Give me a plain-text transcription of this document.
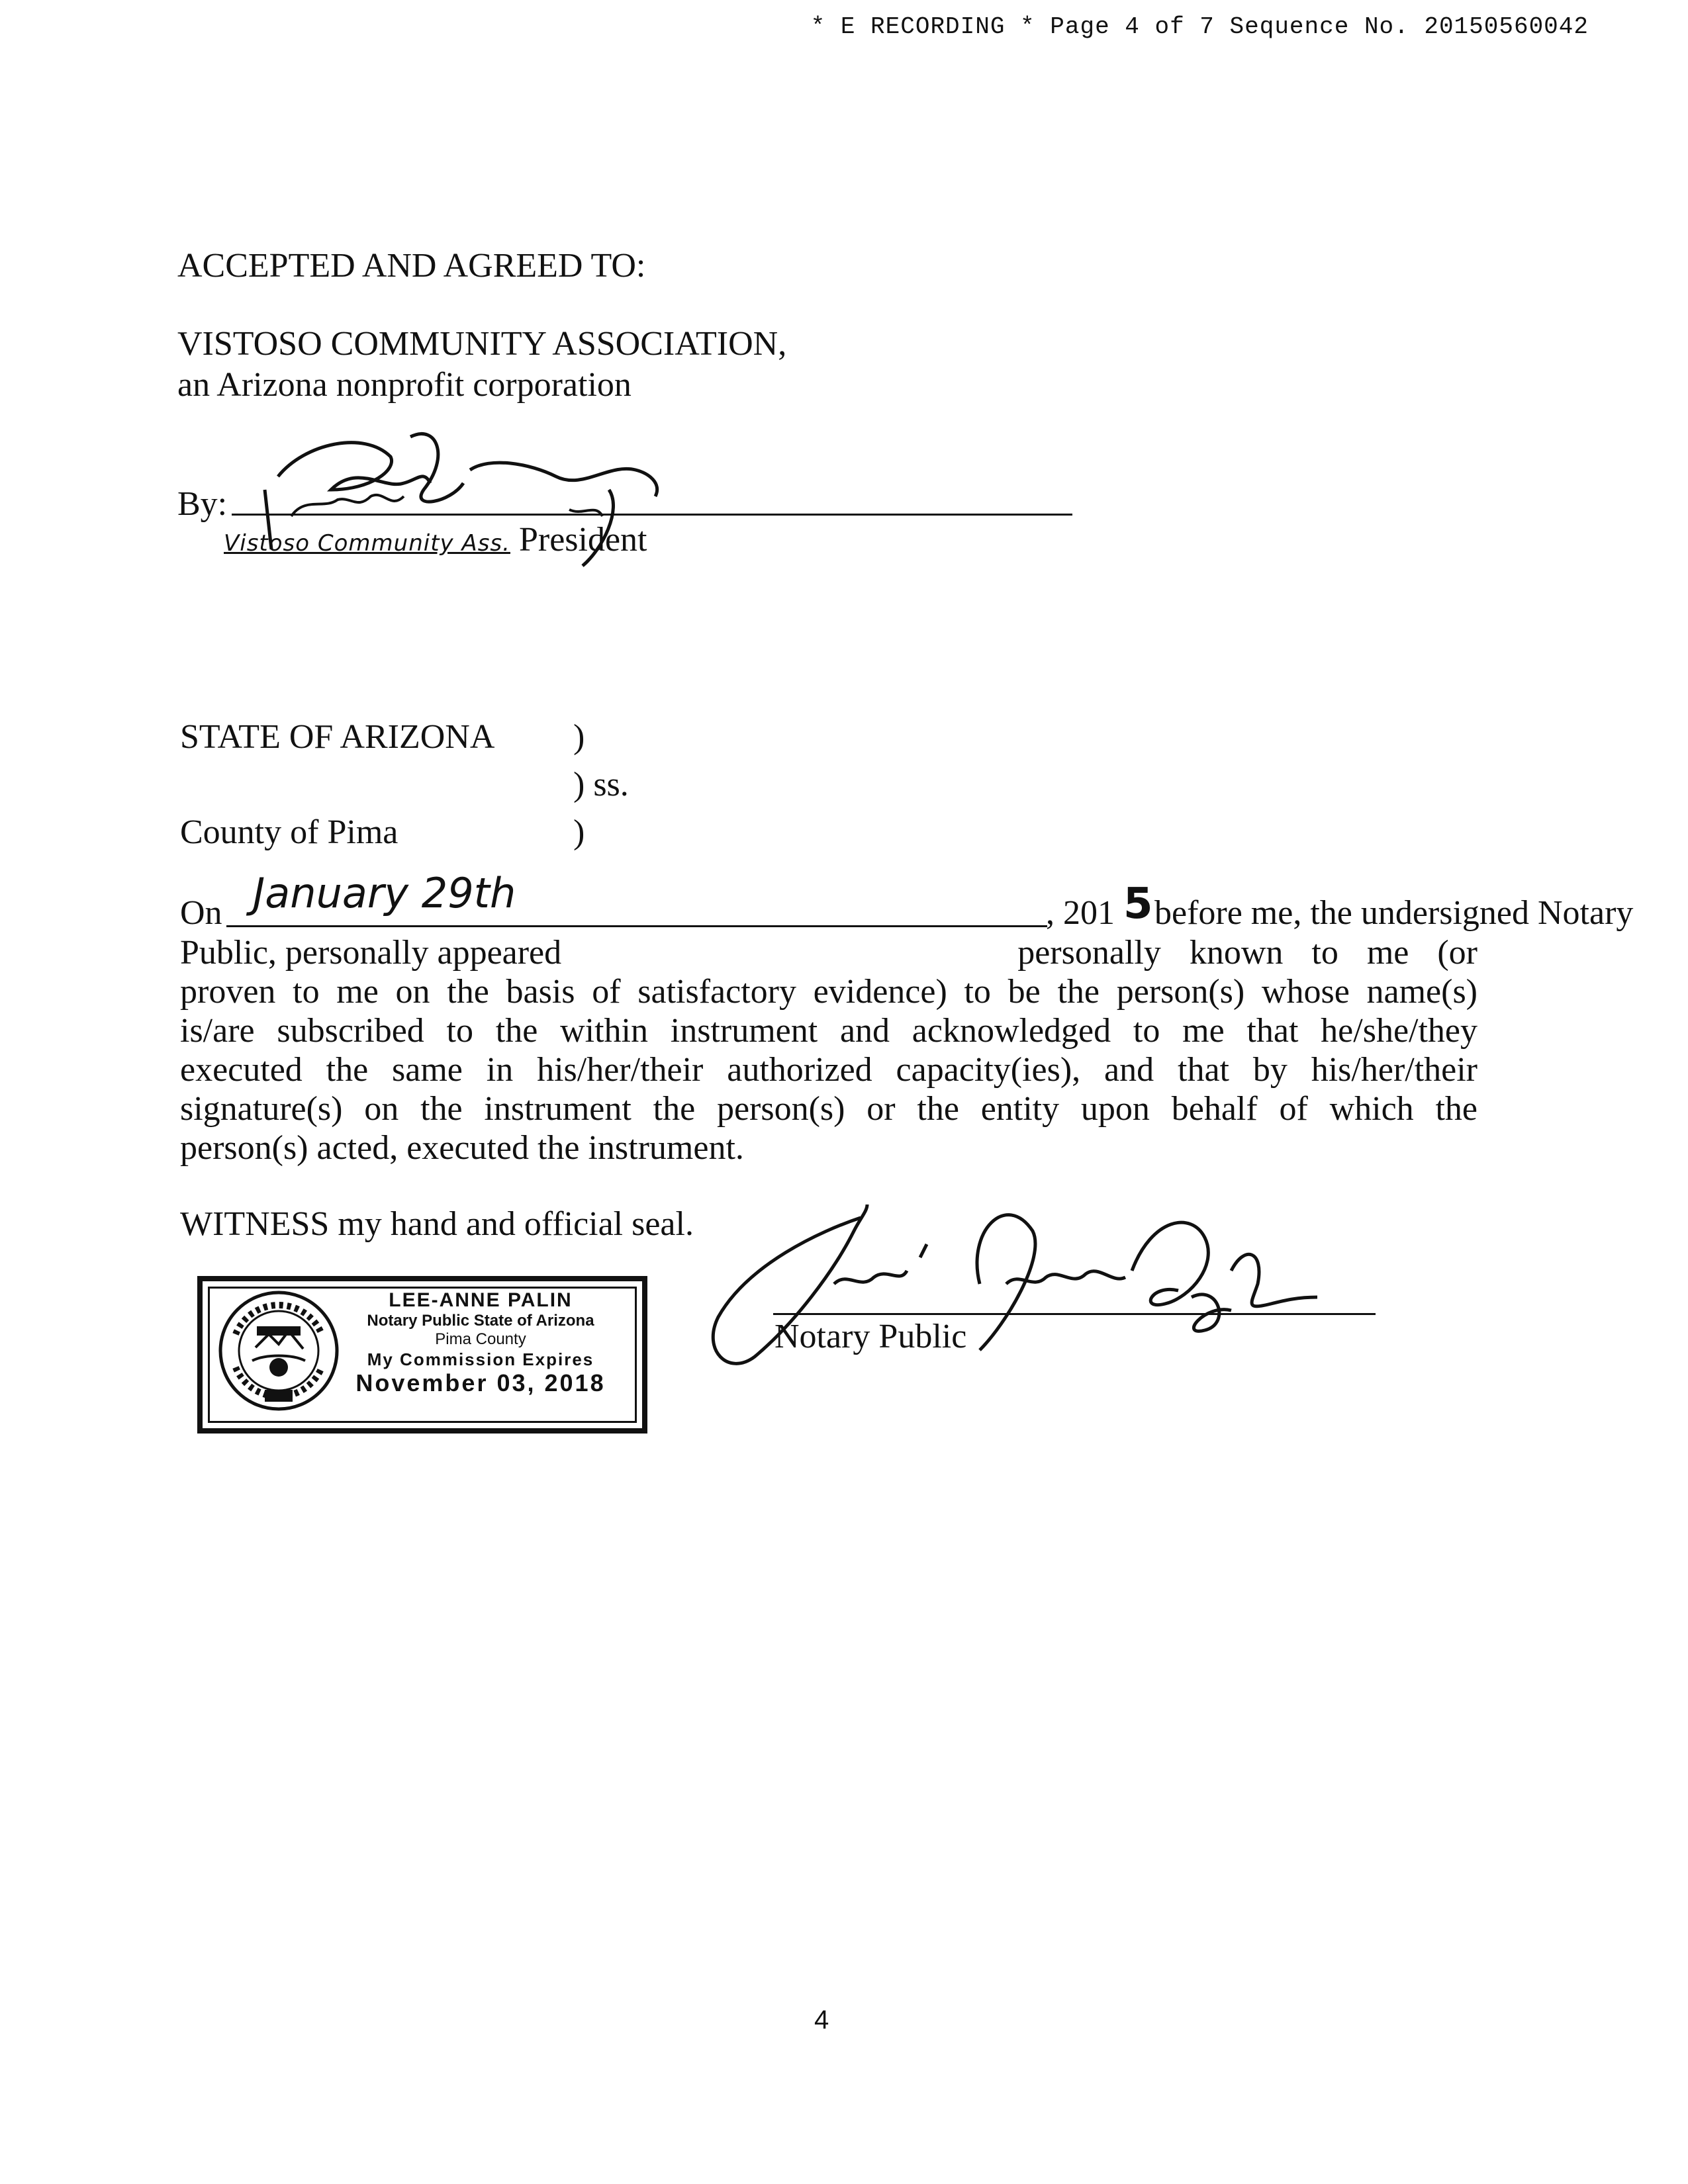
* E RECORDING * Page 4 of 7 Sequence No. 20150560042
ACCEPTED AND AGREED TO:
VISTOSO COMMUNITY ASSOCIATION,
an Arizona nonprofit corporation
By:
Vistoso Community Ass. President
STATE OF ARIZONA )
) ss.
County of Pima	)
On January 29th	, 201 5 before me, the undersigned Notary
Public, personally appeared	personally known to me (or
proven to me on the basis of satisfactory evidence) to be the person(s) whose name(s)
is/are subscribed to the within instrument and acknowledged to me that he/she/they
executed the same in his/her/their authorized capacity(ies), and that by his/her/their
signature(s) on the instrument the person(s) or the entity upon behalf of which the
person(s) acted, executed the instrument.
WITNESS my hand and official seal.
Notary Public
LEE-ANNE PALIN
Notary Public State of Arizona
Pima County
My Commission Expires
November 03, 2018
4
